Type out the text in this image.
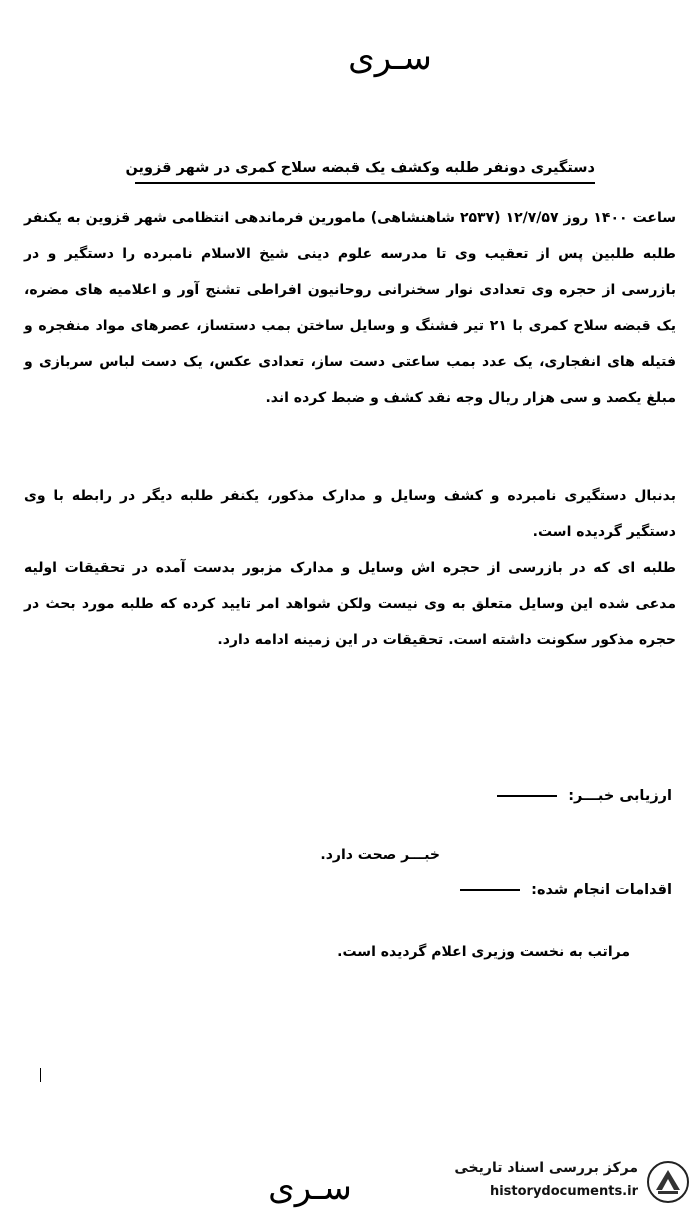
سـری
دستگیری دونفر طلبه وکشف یک قبضه سلاح کمری در شهر قزوین

ساعت ۱۴۰۰ روز ۱۲/۷/۵۷ (۲۵۳۷ شاهنشاهی) مامورین فرماندهی انتظامی شهر قزوین به یکنفر طلبه طلبین پس از تعقیب وی تا مدرسه علوم دینی شیخ الاسلام نامبرده را دستگیر و در بازرسی از حجره وی تعدادی نوار سخنرانی روحانیون افراطی تشنج آور و اعلامیه های مضره، یک قبضه سلاح کمری با ۲۱ تیر فشنگ و وسایل ساختن بمب دستساز، عصرهای مواد منفجره و فتیله های انفجاری، یک عدد بمب ساعتی دست ساز، تعدادی عکس، یک دست لباس سربازی و مبلغ یکصد و سی هزار ریال وجه نقد کشف و ضبط کرده اند.

بدنبال دستگیری نامبرده و کشف وسایل و مدارک مذکور، یکنفر طلبه دیگر در رابطه با وی دستگیر گردیده است.

طلبه ای که در بازرسی از حجره اش وسایل و مدارک مزبور بدست آمده در تحقیقات اولیه مدعی شده این وسایل متعلق به وی نیست ولکن شواهد امر تایید کرده که طلبه مورد بحث در حجره مذکور سکونت داشته است. تحقیقات در این زمینه ادامه دارد.

ارزیابی خبـــر:
خبـــر صحت دارد.
اقدامات انجام شده:
مراتب به نخست وزیری اعلام گردیده است.
سـری	مرکز بررسی اسناد تاریخی
historydocuments.ir
